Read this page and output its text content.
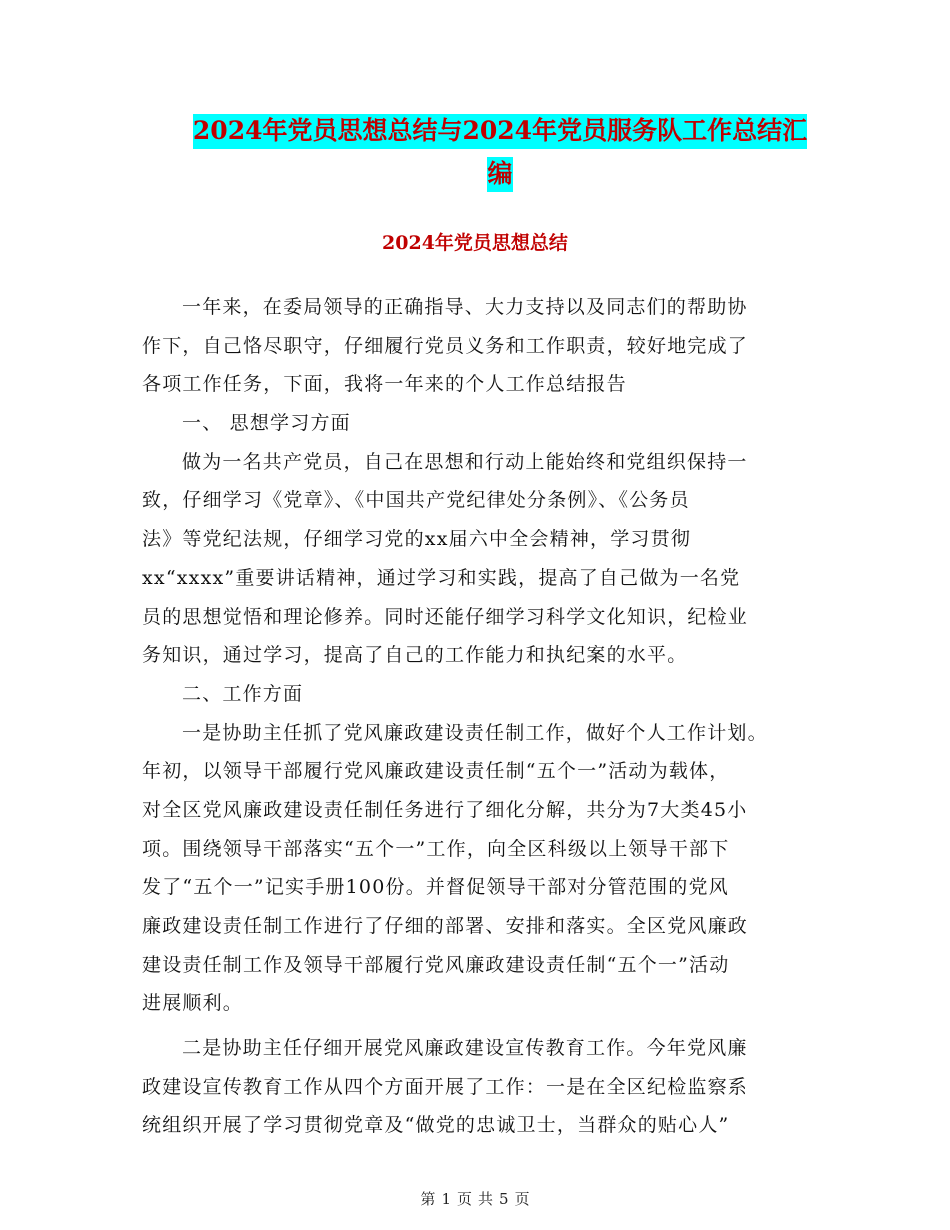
2024年党员思想总结与2024年党员服务队工作总结汇
编
2024年党员思想总结
一年来，在委局领导的正确指导、大力支持以及同志们的帮助协
作下，自己恪尽职守，仔细履行党员义务和工作职责，较好地完成了
各项工作任务，下面，我将一年来的个人工作总结报告
一、 思想学习方面
做为一名共产党员，自己在思想和行动上能始终和党组织保持一
致，仔细学习《党章》、《中国共产党纪律处分条例》、《公务员
法》等党纪法规，仔细学习党的xx届六中全会精神，学习贯彻
xx“xxxx”重要讲话精神，通过学习和实践，提高了自己做为一名党
员的思想觉悟和理论修养。同时还能仔细学习科学文化知识，纪检业
务知识，通过学习，提高了自己的工作能力和执纪案的水平。
二、工作方面
一是协助主任抓了党风廉政建设责任制工作，做好个人工作计划。
年初，以领导干部履行党风廉政建设责任制“五个一”活动为载体，
对全区党风廉政建设责任制任务进行了细化分解，共分为7大类45小
项。围绕领导干部落实“五个一”工作，向全区科级以上领导干部下
发了“五个一”记实手册100份。并督促领导干部对分管范围的党风
廉政建设责任制工作进行了仔细的部署、安排和落实。全区党风廉政
建设责任制工作及领导干部履行党风廉政建设责任制“五个一”活动
进展顺利。
二是协助主任仔细开展党风廉政建设宣传教育工作。今年党风廉
政建设宣传教育工作从四个方面开展了工作：一是在全区纪检监察系
统组织开展了学习贯彻党章及“做党的忠诚卫士，当群众的贴心人”
第 1 页 共 5 页
